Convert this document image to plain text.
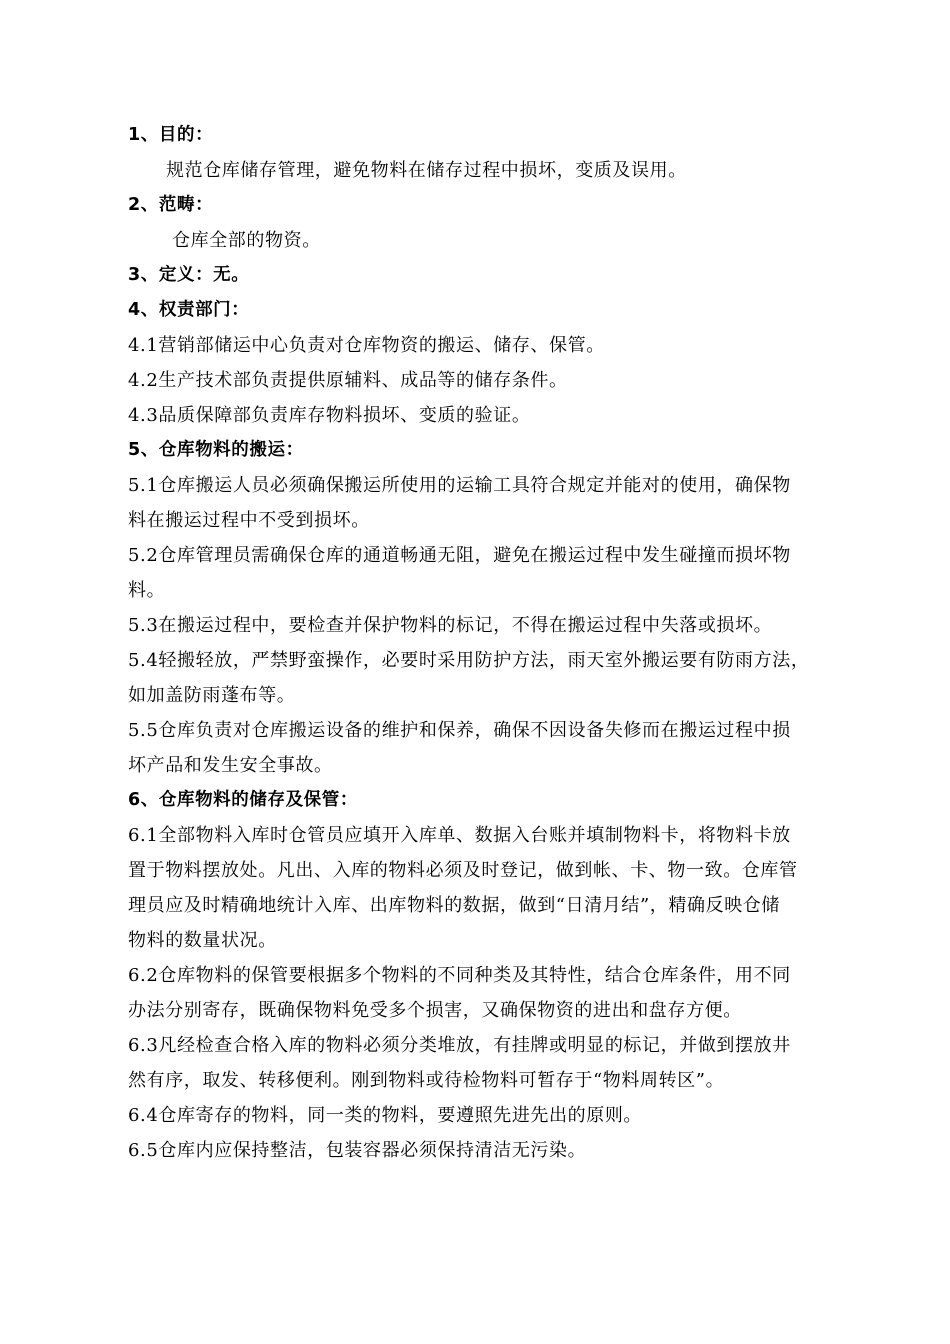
1、目的：
规范仓库储存管理，避免物料在储存过程中损坏，变质及误用。
2、范畴：
仓库全部的物资。
3、定义：无。
4、权责部门：
4.1营销部储运中心负责对仓库物资的搬运、储存、保管。
4.2生产技术部负责提供原辅料、成品等的储存条件。
4.3品质保障部负责库存物料损坏、变质的验证。
5、仓库物料的搬运：
5.1仓库搬运人员必须确保搬运所使用的运输工具符合规定并能对的使用，确保物
料在搬运过程中不受到损坏。
5.2仓库管理员需确保仓库的通道畅通无阻，避免在搬运过程中发生碰撞而损坏物
料。
5.3在搬运过程中，要检查并保护物料的标记，不得在搬运过程中失落或损坏。
5.4轻搬轻放，严禁野蛮操作，必要时采用防护方法，雨天室外搬运要有防雨方法，
如加盖防雨蓬布等。
5.5仓库负责对仓库搬运设备的维护和保养，确保不因设备失修而在搬运过程中损
坏产品和发生安全事故。
6、仓库物料的储存及保管：
6.1全部物料入库时仓管员应填开入库单、数据入台账并填制物料卡，将物料卡放
置于物料摆放处。凡出、入库的物料必须及时登记，做到帐、卡、物一致。仓库管
理员应及时精确地统计入库、出库物料的数据，做到“日清月结”，精确反映仓储
物料的数量状况。
6.2仓库物料的保管要根据多个物料的不同种类及其特性，结合仓库条件，用不同
办法分别寄存，既确保物料免受多个损害，又确保物资的进出和盘存方便。
6.3凡经检查合格入库的物料必须分类堆放，有挂牌或明显的标记，并做到摆放井
然有序，取发、转移便利。刚到物料或待检物料可暂存于“物料周转区”。
6.4仓库寄存的物料，同一类的物料，要遵照先进先出的原则。
6.5仓库内应保持整洁，包装容器必须保持清洁无污染。
